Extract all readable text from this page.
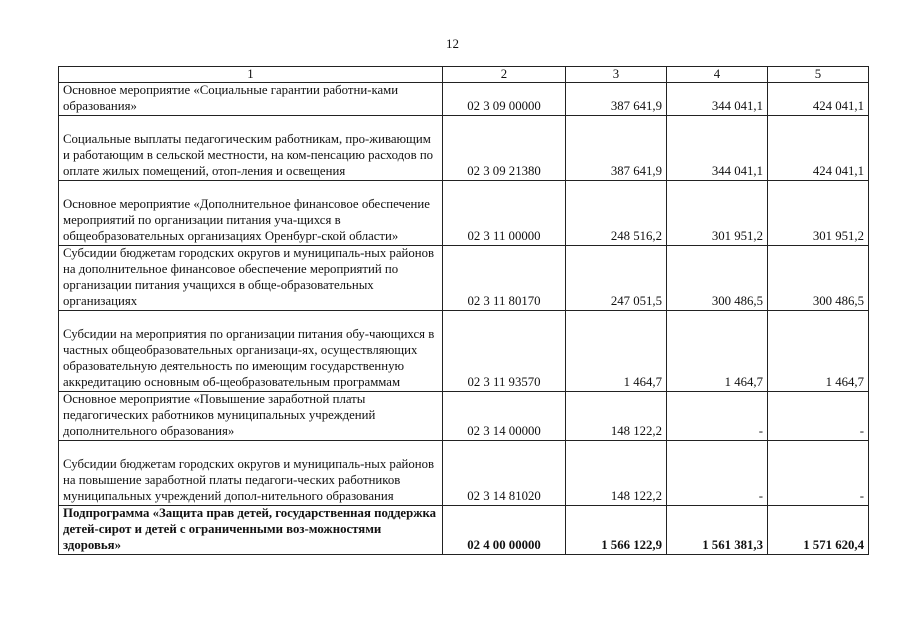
12
1	2	3	4	5
Основное мероприятие «Социальные гарантии работни-ками образования»	02 3 09 00000	387 641,9	344 041,1	424 041,1
Социальные выплаты педагогическим работникам, про-живающим и работающим в сельской местности, на ком-пенсацию расходов по оплате жилых помещений, отоп-ления и освещения	02 3 09 21380	387 641,9	344 041,1	424 041,1
Основное мероприятие «Дополнительное финансовое обеспечение мероприятий по организации питания уча-щихся в общеобразовательных организациях Оренбург-ской области»	02 3 11 00000	248 516,2	301 951,2	301 951,2
Субсидии бюджетам городских округов и муниципаль-ных районов на дополнительное финансовое обеспечение мероприятий по организации питания учащихся в обще-образовательных организациях	02 3 11 80170	247 051,5	300 486,5	300 486,5
Субсидии на мероприятия по организации питания обу-чающихся в частных общеобразовательных организаци-ях, осуществляющих образовательную деятельность по имеющим государственную аккредитацию основным об-щеобразовательным программам	02 3 11 93570	1 464,7	1 464,7	1 464,7
Основное мероприятие «Повышение заработной платы педагогических работников муниципальных учреждений дополнительного образования»	02 3 14 00000	148 122,2	-	-
Субсидии бюджетам городских округов и муниципаль-ных районов на повышение заработной платы педагоги-ческих работников муниципальных учреждений допол-нительного образования	02 3 14 81020	148 122,2	-	-
Подпрограмма «Защита прав детей, государственная поддержка детей-сирот и детей с ограниченными воз-можностями здоровья»	02 4 00 00000	1 566 122,9	1 561 381,3	1 571 620,4
